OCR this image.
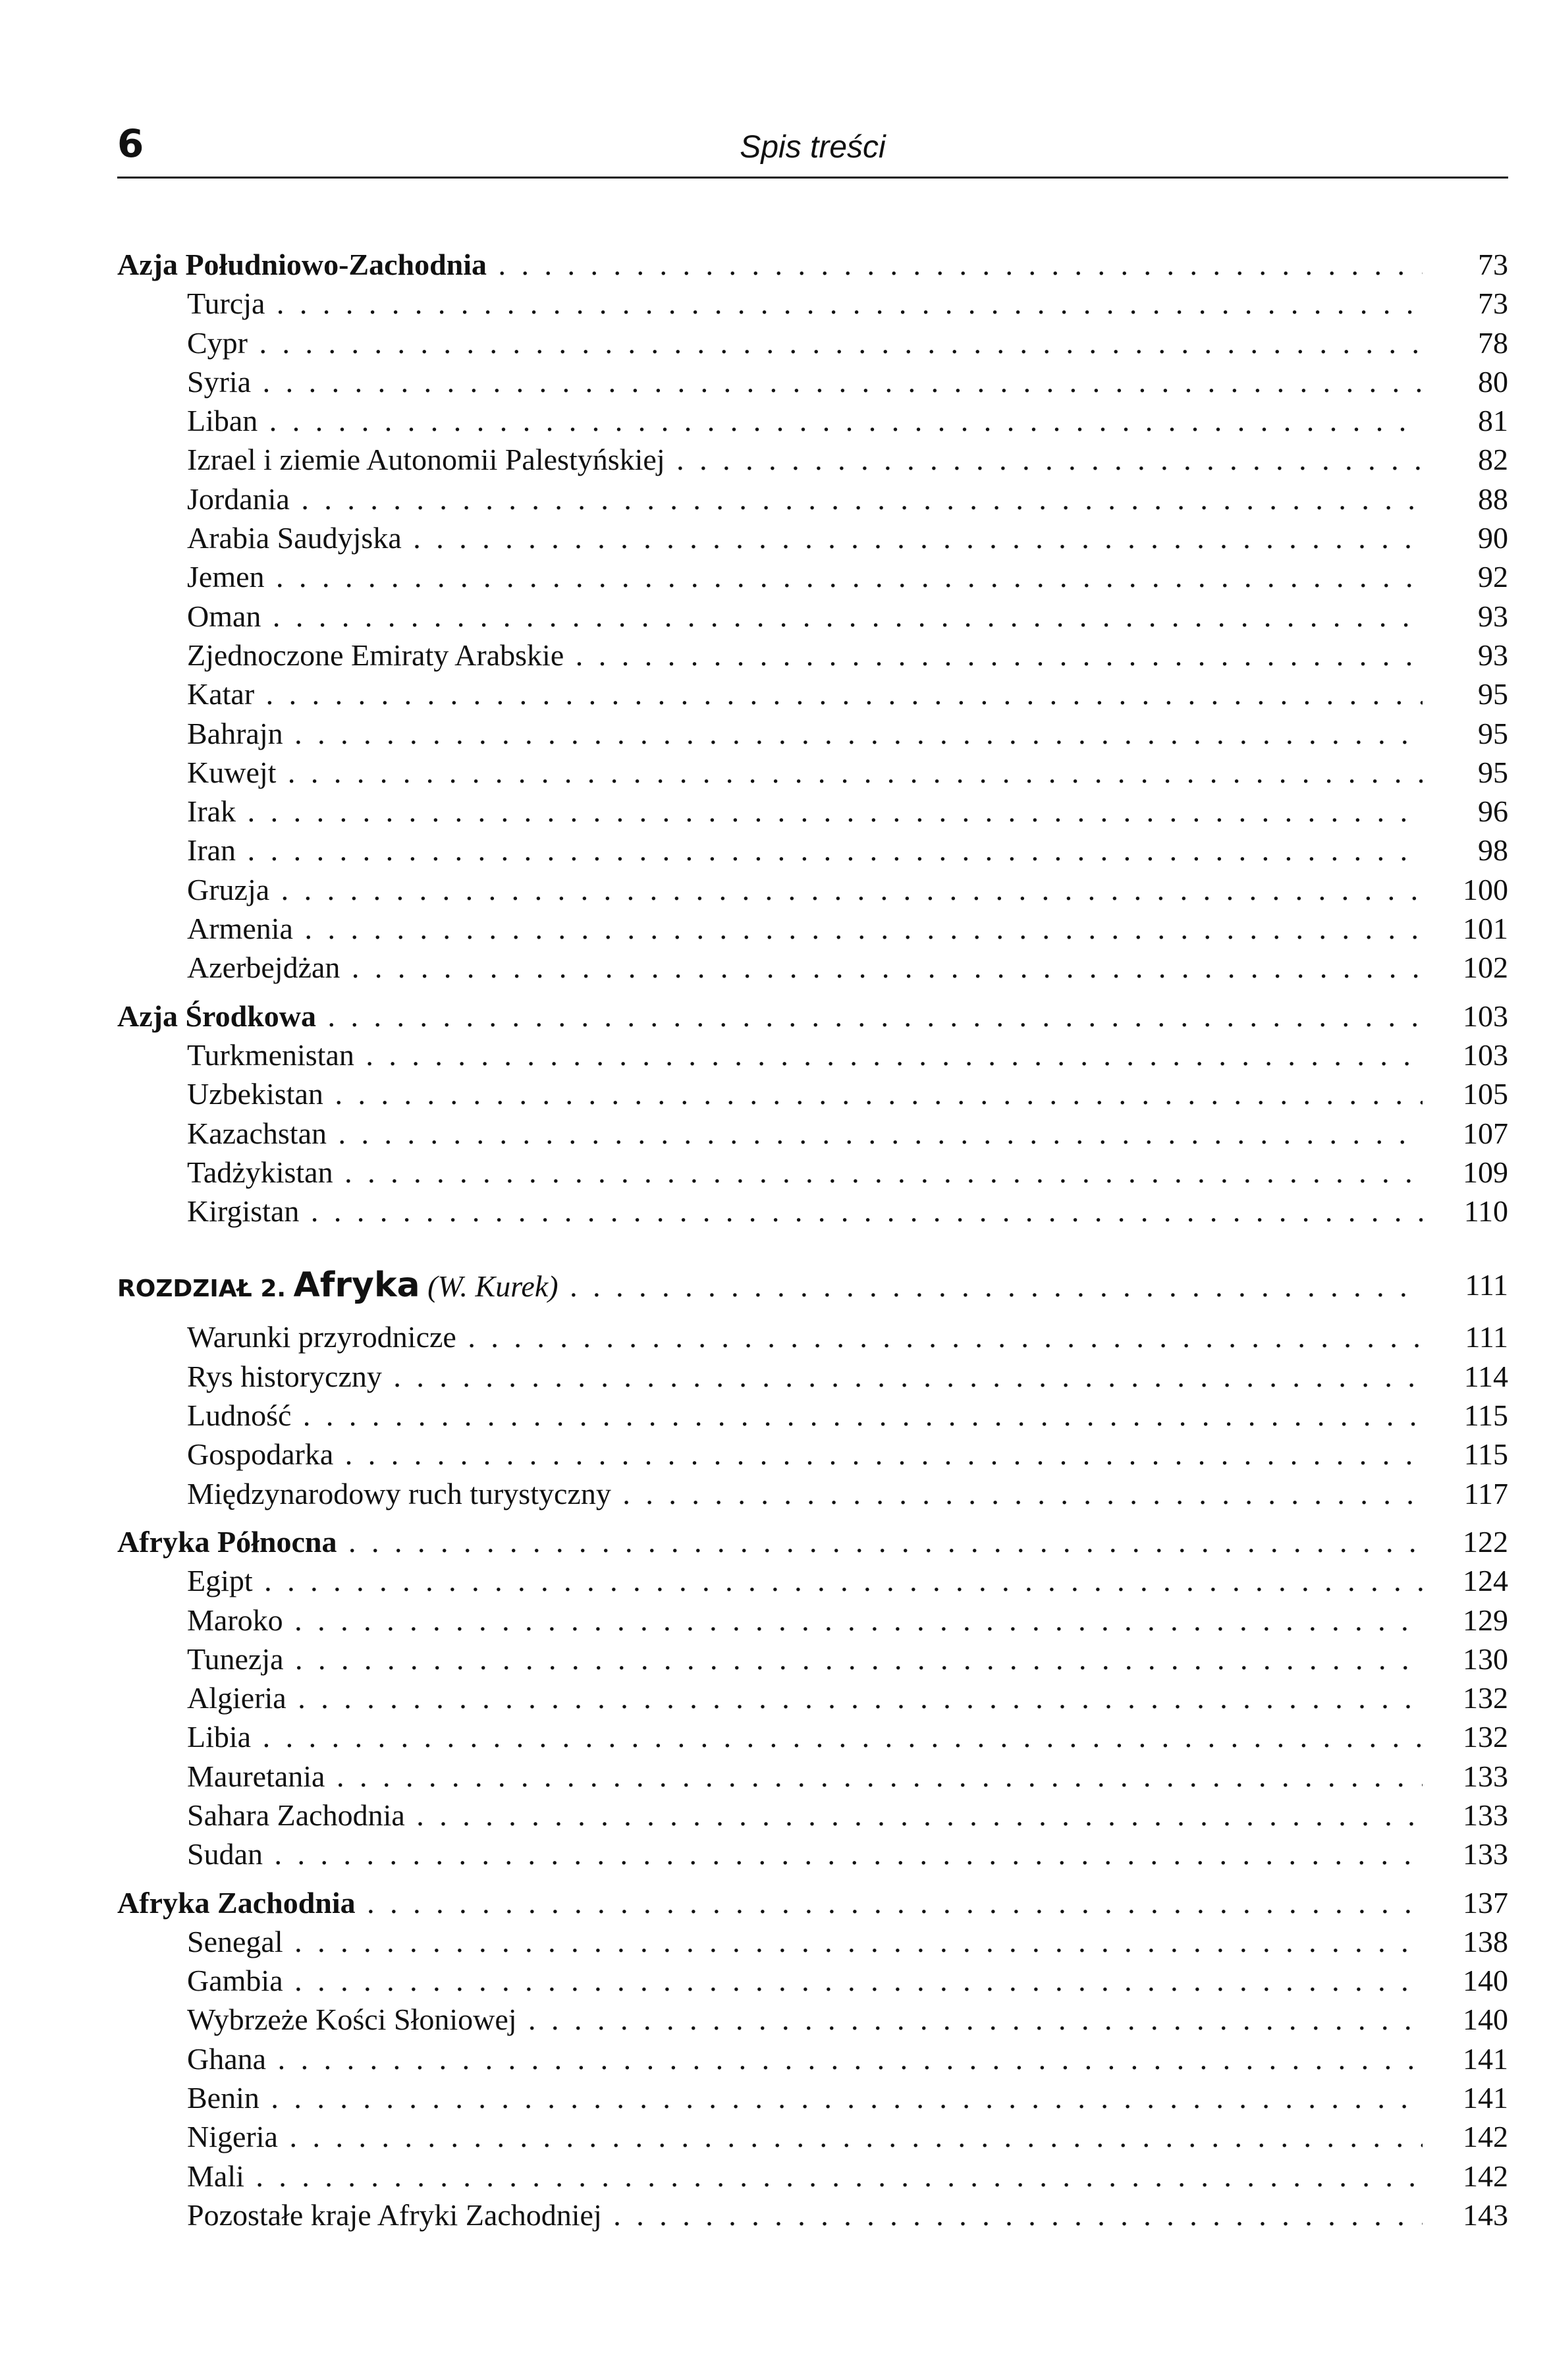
6	Spis treści
Azja Południowo-Zachodnia . . .	73
Turcja . . .	73
Cypr . . .	78
Syria . . .	80
Liban . . .	81
Izrael i ziemie Autonomii Palestyńskiej . . .	82
Jordania . . .	88
Arabia Saudyjska . . .	90
Jemen . . .	92
Oman . . .	93
Zjednoczone Emiraty Arabskie . . .	93
Katar . . .	95
Bahrajn . . .	95
Kuwejt . . .	95
Irak . . .	96
Iran . . .	98
Gruzja . . .	100
Armenia . . .	101
Azerbejdżan . . .	102
Azja Środkowa . . .	103
Turkmenistan . . .	103
Uzbekistan . . .	105
Kazachstan . . .	107
Tadżykistan . . .	109
Kirgistan . . .	110
ROZDZIAŁ 2. Afryka (W. Kurek) . . .	111
Warunki przyrodnicze . . .	111
Rys historyczny . . .	114
Ludność . . .	115
Gospodarka . . .	115
Międzynarodowy ruch turystyczny . . .	117
Afryka Północna . . .	122
Egipt . . .	124
Maroko . . .	129
Tunezja . . .	130
Algieria . . .	132
Libia . . .	132
Mauretania . . .	133
Sahara Zachodnia . . .	133
Sudan . . .	133
Afryka Zachodnia . . .	137
Senegal . . .	138
Gambia . . .	140
Wybrzeże Kości Słoniowej . . .	140
Ghana . . .	141
Benin . . .	141
Nigeria . . .	142
Mali . . .	142
Pozostałe kraje Afryki Zachodniej . . .	143
